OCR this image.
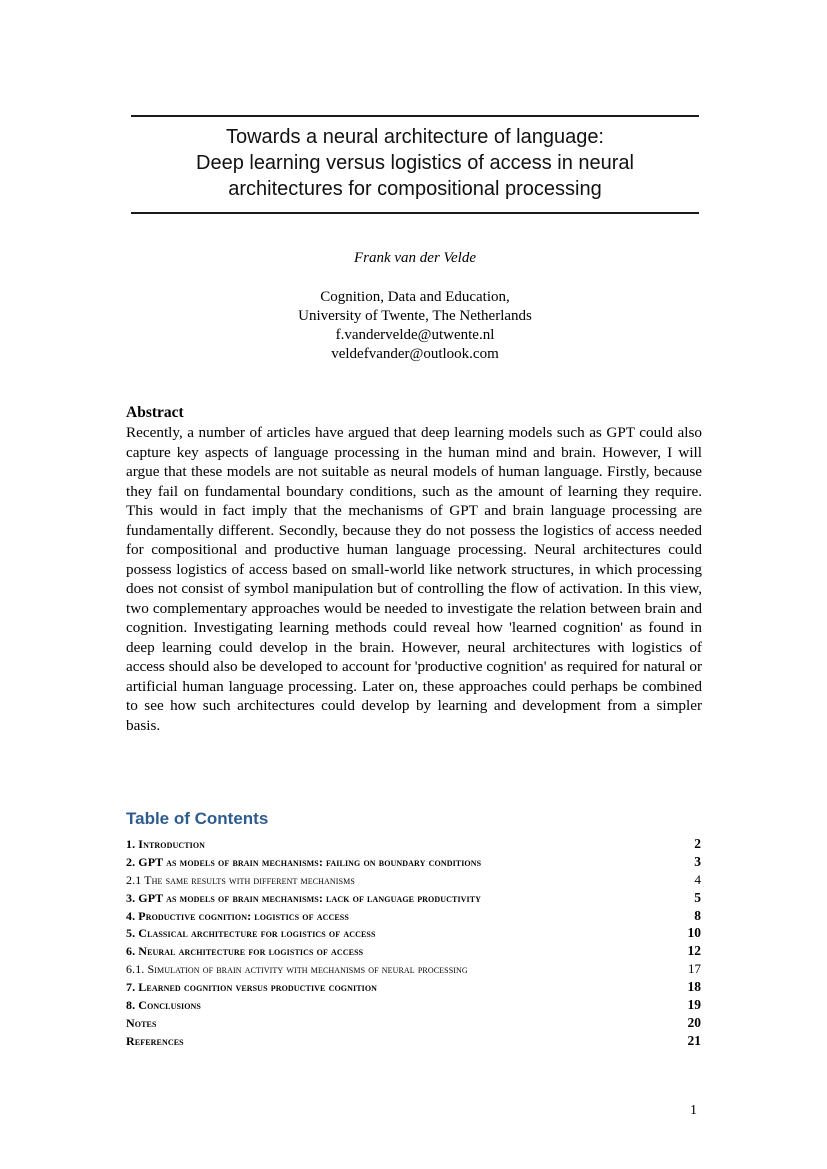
Towards a neural architecture of language:
Deep learning versus logistics of access in neural
architectures for compositional processing
Frank van der Velde
Cognition, Data and Education,
University of Twente, The Netherlands
f.vandervelde@utwente.nl
veldefvander@outlook.com
Abstract
Recently, a number of articles have argued that deep learning models such as GPT could also capture key aspects of language processing in the human mind and brain. However, I will argue that these models are not suitable as neural models of human language. Firstly, because they fail on fundamental boundary conditions, such as the amount of learning they require. This would in fact imply that the mechanisms of GPT and brain language processing are fundamentally different. Secondly, because they do not possess the logistics of access needed for compositional and productive human language processing. Neural architectures could possess logistics of access based on small-world like network structures, in which processing does not consist of symbol manipulation but of controlling the flow of activation. In this view, two complementary approaches would be needed to investigate the relation between brain and cognition. Investigating learning methods could reveal how 'learned cognition' as found in deep learning could develop in the brain. However, neural architectures with logistics of access should also be developed to account for 'productive cognition' as required for natural or artificial human language processing. Later on, these approaches could perhaps be combined to see how such architectures could develop by learning and development from a simpler basis.
Table of Contents
1. Introduction	2
2. GPT as models of brain mechanisms: failing on boundary conditions	3
2.1 The same results with different mechanisms	4
3. GPT as models of brain mechanisms: lack of language productivity	5
4. Productive cognition: logistics of access	8
5. Classical architecture for logistics of access	10
6. Neural architecture for logistics of access	12
6.1. Simulation of brain activity with mechanisms of neural processing	17
7. Learned cognition versus productive cognition	18
8. Conclusions	19
Notes	20
References	21
1
